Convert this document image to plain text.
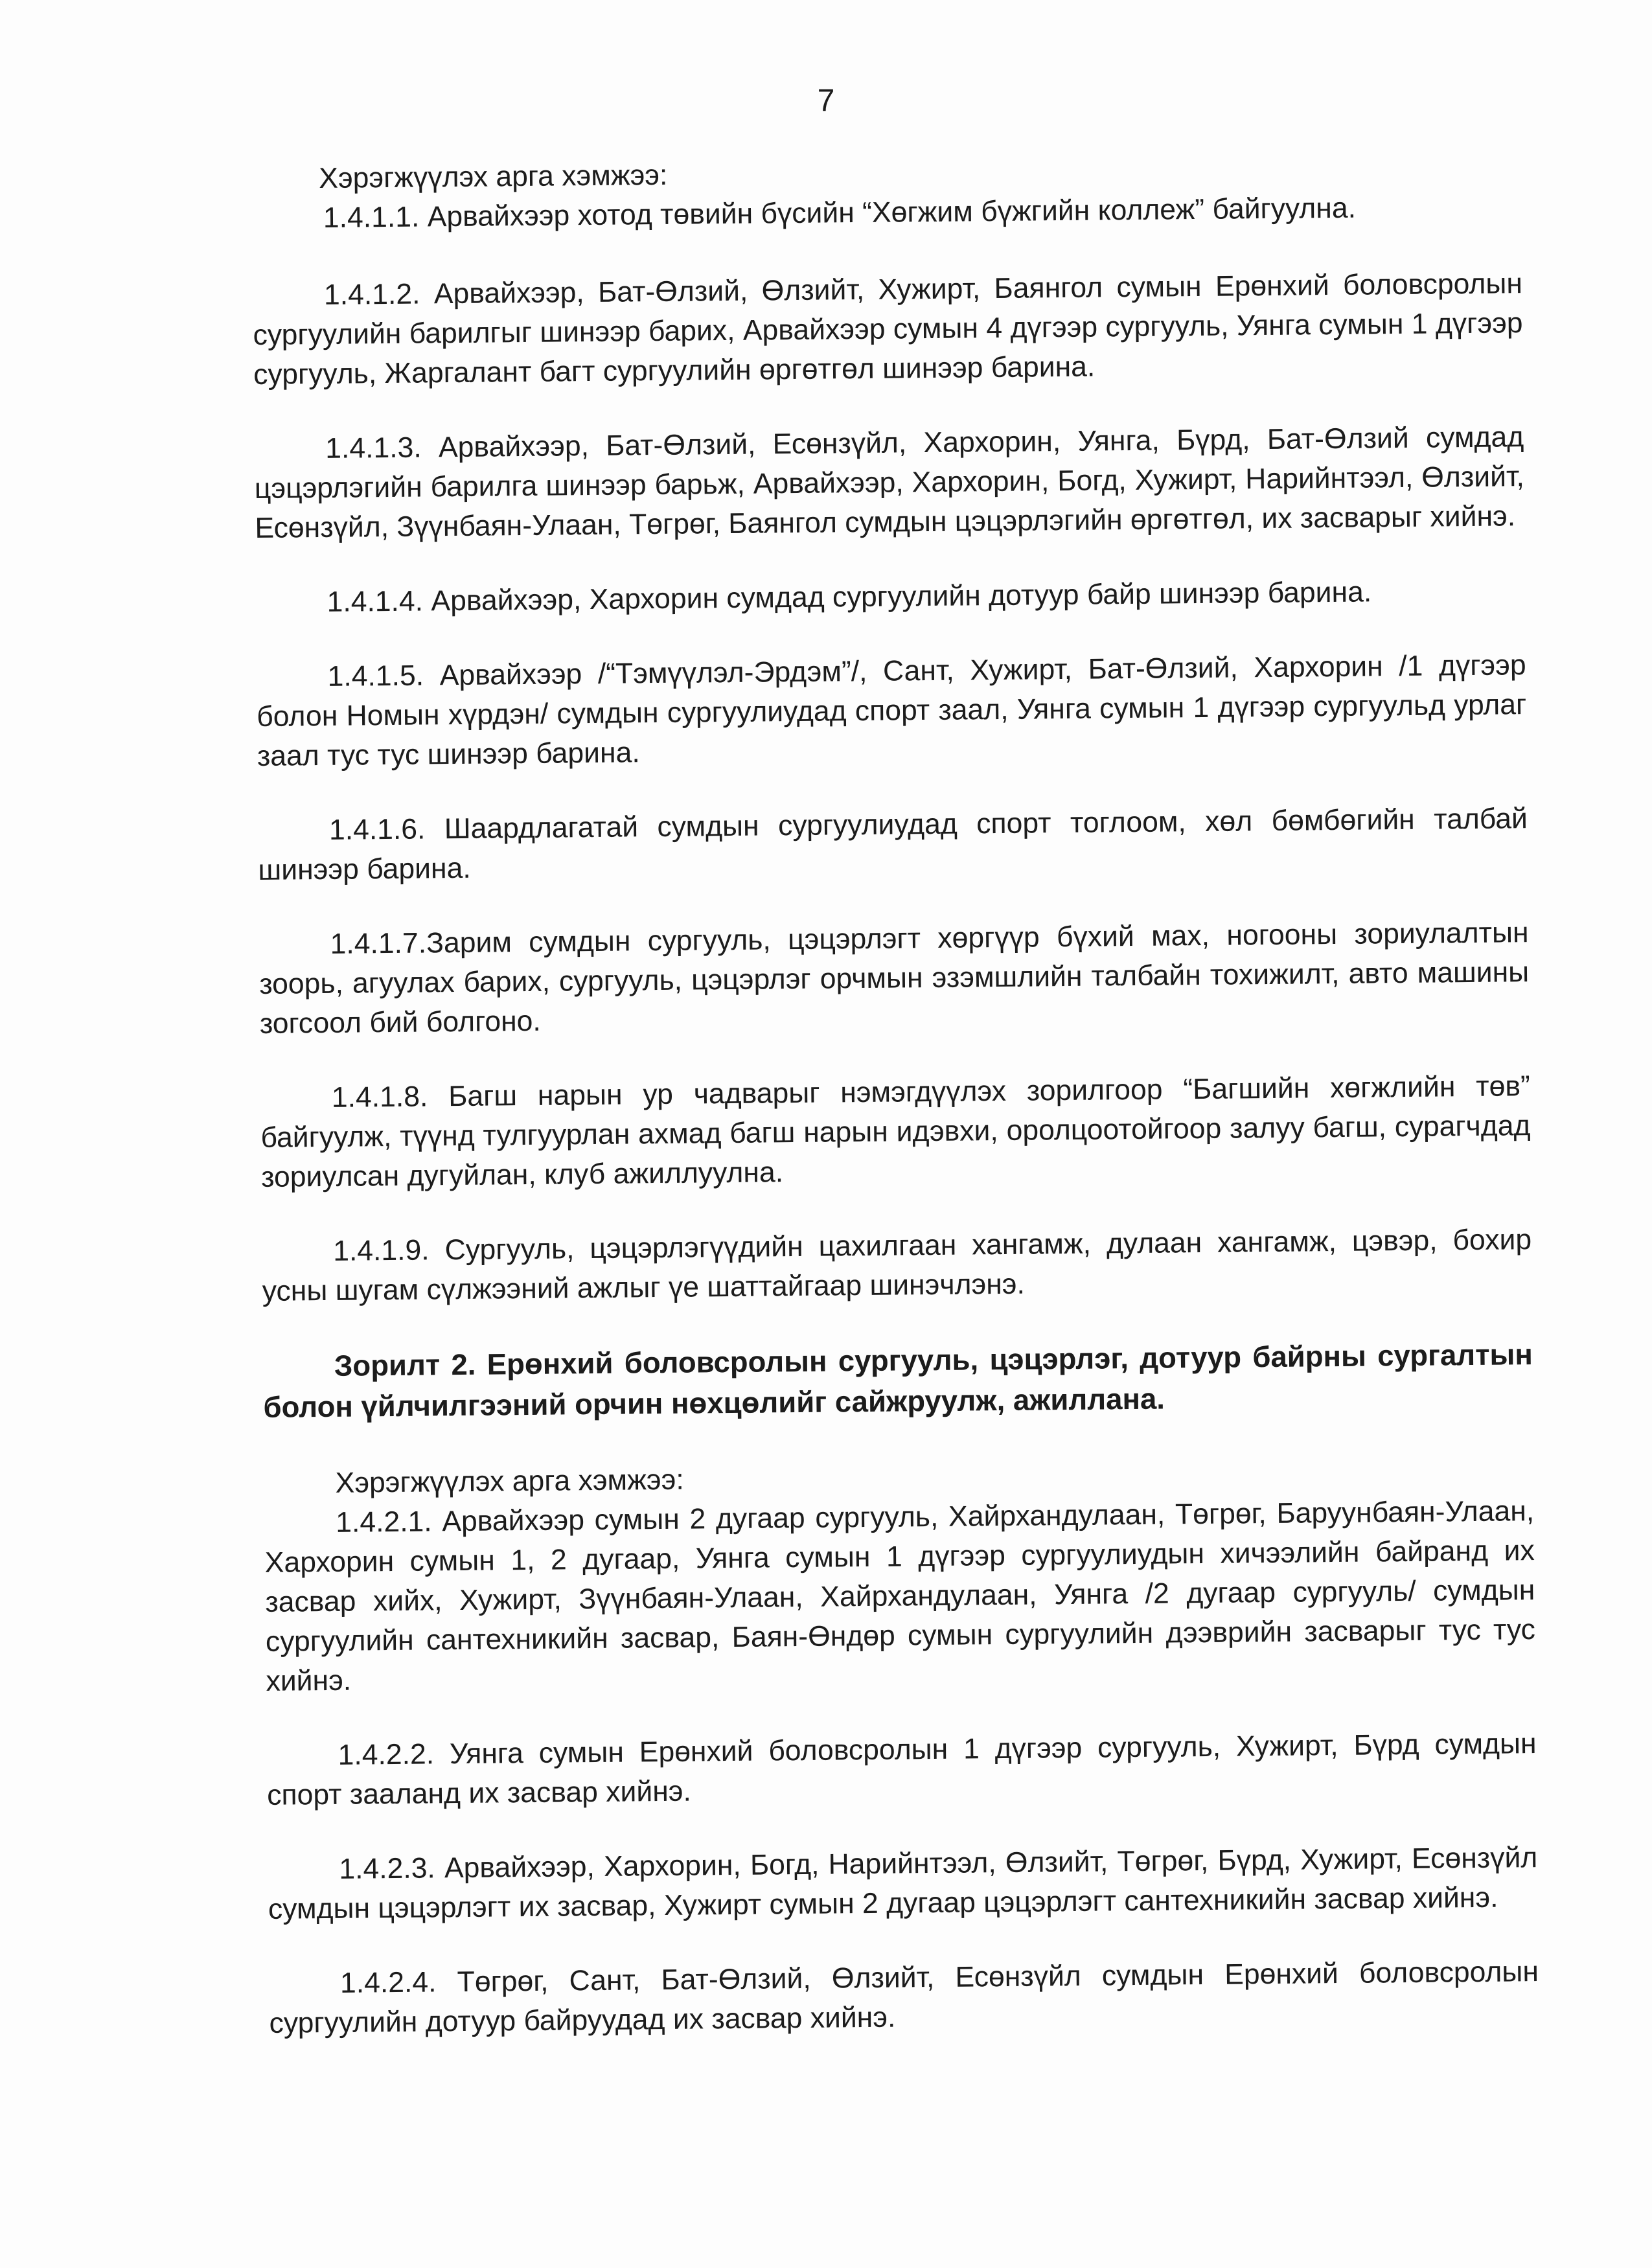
7

Хэрэгжүүлэх арга хэмжээ:

1.4.1.1. Арвайхээр хотод төвийн бүсийн “Хөгжим бүжгийн коллеж” байгуулна.

1.4.1.2. Арвайхээр, Бат-Өлзий, Өлзийт, Хужирт, Баянгол сумын Ерөнхий боловсролын сургуулийн барилгыг шинээр барих, Арвайхээр сумын 4 дүгээр сургууль, Уянга сумын 1 дүгээр сургууль, Жаргалант багт сургуулийн өргөтгөл шинээр барина.

1.4.1.3. Арвайхээр, Бат-Өлзий, Есөнзүйл, Хархорин, Уянга, Бүрд, Бат-Өлзий сумдад цэцэрлэгийн барилга шинээр барьж, Арвайхээр, Хархорин, Богд, Хужирт, Нарийнтээл, Өлзийт, Есөнзүйл, Зүүнбаян-Улаан, Төгрөг, Баянгол сумдын цэцэрлэгийн өргөтгөл, их засварыг хийнэ.

1.4.1.4. Арвайхээр, Хархорин сумдад сургуулийн дотуур байр шинээр барина.

1.4.1.5. Арвайхээр /“Тэмүүлэл-Эрдэм”/, Сант, Хужирт, Бат-Өлзий, Хархорин /1 дүгээр болон Номын хүрдэн/ сумдын сургуулиудад спорт заал, Уянга сумын 1 дүгээр сургуульд урлаг заал тус тус шинээр барина.

1.4.1.6. Шаардлагатай сумдын сургуулиудад спорт тоглоом, хөл бөмбөгийн талбай шинээр барина.

1.4.1.7.Зарим сумдын сургууль, цэцэрлэгт хөргүүр бүхий мах, ногооны зориулалтын зоорь, агуулах барих, сургууль, цэцэрлэг орчмын эзэмшлийн талбайн тохижилт, авто машины зогсоол бий болгоно.

1.4.1.8. Багш нарын ур чадварыг нэмэгдүүлэх зорилгоор “Багшийн хөгжлийн төв” байгуулж, түүнд тулгуурлан ахмад багш нарын идэвхи, оролцоотойгоор залуу багш, сурагчдад зориулсан дугуйлан, клуб ажиллуулна.

1.4.1.9. Сургууль, цэцэрлэгүүдийн цахилгаан хангамж, дулаан хангамж, цэвэр, бохир усны шугам сүлжээний ажлыг үе шаттайгаар шинэчлэнэ.

Зорилт 2. Ерөнхий боловсролын сургууль, цэцэрлэг, дотуур байрны сургалтын болон үйлчилгээний орчин нөхцөлийг сайжруулж, ажиллана.

Хэрэгжүүлэх арга хэмжээ:

1.4.2.1. Арвайхээр сумын 2 дугаар сургууль, Хайрхандулаан, Төгрөг, Баруунбаян-Улаан, Хархорин сумын 1, 2 дугаар, Уянга сумын 1 дүгээр сургуулиудын хичээлийн байранд их засвар хийх, Хужирт, Зүүнбаян-Улаан, Хайрхандулаан, Уянга /2 дугаар сургууль/ сумдын сургуулийн сантехникийн засвар, Баян-Өндөр сумын сургуулийн дээврийн засварыг тус тус хийнэ.

1.4.2.2. Уянга сумын Ерөнхий боловсролын 1 дүгээр сургууль, Хужирт, Бүрд сумдын спорт зааланд их засвар хийнэ.

1.4.2.3. Арвайхээр, Хархорин, Богд, Нарийнтээл, Өлзийт, Төгрөг, Бүрд, Хужирт, Есөнзүйл сумдын цэцэрлэгт их засвар, Хужирт сумын 2 дугаар цэцэрлэгт сантехникийн засвар хийнэ.

1.4.2.4. Төгрөг, Сант, Бат-Өлзий, Өлзийт, Есөнзүйл сумдын Ерөнхий боловсролын сургуулийн дотуур байруудад их засвар хийнэ.
